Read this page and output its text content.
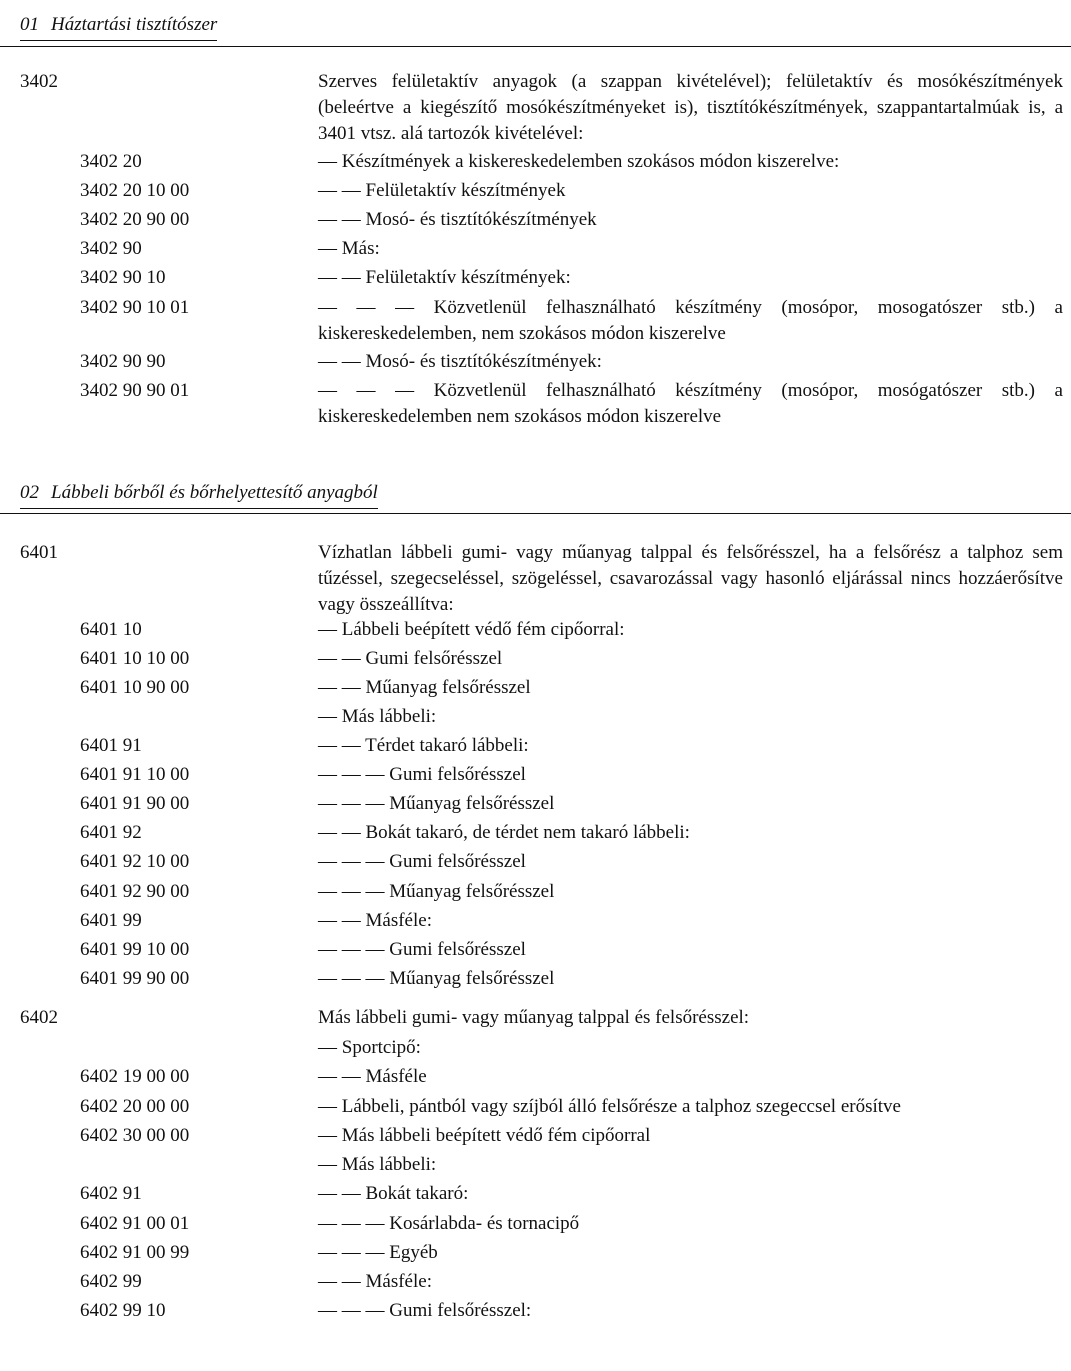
01 Háztartási tisztítószer
3402	Szerves felületaktív anyagok (a szappan kivételével); felületaktív és mosókészítmények (beleértve a kiegészítő mosókészítményeket is), tisztítókészítmények, szappantartalmúak is, a 3401 vtsz. alá tartozók kivételével:
3402 20	— Készítmények a kiskereskedelemben szokásos módon kiszerelve:
3402 20 10 00	— — Felületaktív készítmények
3402 20 90 00	— — Mosó- és tisztítókészítmények
3402 90	— Más:
3402 90 10	— — Felületaktív készítmények:
3402 90 10 01	— — — Közvetlenül felhasználható készítmény (mosópor, mosogatószer stb.) a kiskereskedelemben, nem szokásos módon kiszerelve
3402 90 90	— — Mosó- és tisztítókészítmények:
3402 90 90 01	— — — Közvetlenül felhasználható készítmény (mosópor, mosógatószer stb.) a kiskereskedelemben nem szokásos módon kiszerelve
02 Lábbeli bőrből és bőrhelyettesítő anyagból
6401	Vízhatlan lábbeli gumi- vagy műanyag talppal és felsőrésszel, ha a felsőrész a talphoz sem tűzéssel, szegecseléssel, szögeléssel, csavarozással vagy hasonló eljárással nincs hozzáerősítve vagy összeállítva:
6401 10	— Lábbeli beépített védő fém cipőorral:
6401 10 10 00	— — Gumi felsőrésszel
6401 10 90 00	— — Műanyag felsőrésszel
— Más lábbeli:
6401 91	— — Térdet takaró lábbeli:
6401 91 10 00	— — — Gumi felsőrésszel
6401 91 90 00	— — — Műanyag felsőrésszel
6401 92	— — Bokát takaró, de térdet nem takaró lábbeli:
6401 92 10 00	— — — Gumi felsőrésszel
6401 92 90 00	— — — Műanyag felsőrésszel
6401 99	— — Másféle:
6401 99 10 00	— — — Gumi felsőrésszel
6401 99 90 00	— — — Műanyag felsőrésszel
6402	Más lábbeli gumi- vagy műanyag talppal és felsőrésszel:
— Sportcipő:
6402 19 00 00	— — Másféle
6402 20 00 00	— Lábbeli, pántból vagy szíjból álló felsőrésze a talphoz szegeccsel erősítve
6402 30 00 00	— Más lábbeli beépített védő fém cipőorral
— Más lábbeli:
6402 91	— — Bokát takaró:
6402 91 00 01	— — — Kosárlabda- és tornacipő
6402 91 00 99	— — — Egyéb
6402 99	— — Másféle:
6402 99 10	— — — Gumi felsőrésszel:
